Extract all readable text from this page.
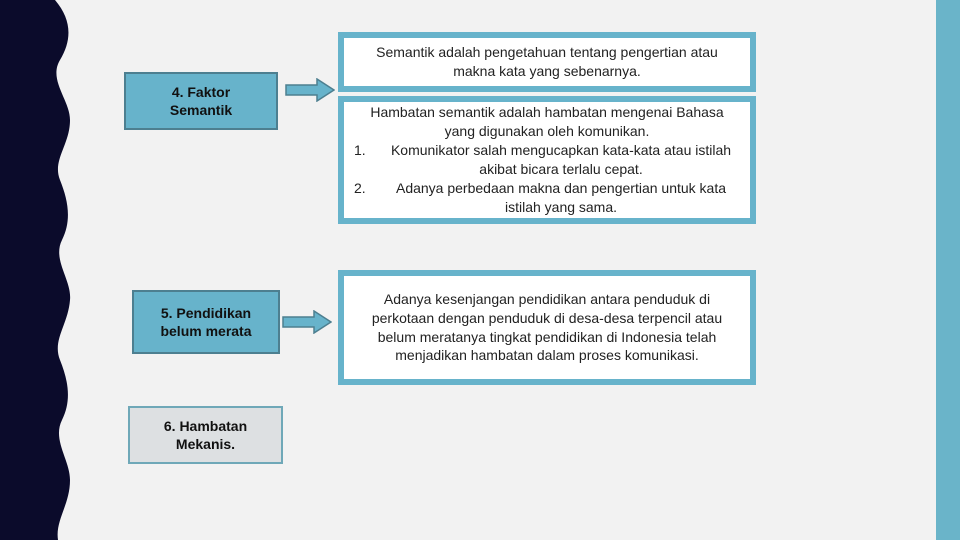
4. Faktor
Semantik
5. Pendidikan
belum merata
6. Hambatan
Mekanis.
Semantik adalah pengetahuan tentang pengertian atau makna kata yang sebenarnya.
Hambatan semantik adalah hambatan mengenai Bahasa yang digunakan oleh komunikan.
1.	Komunikator salah mengucapkan kata-kata atau istilah akibat bicara terlalu cepat.
2.	Adanya perbedaan makna dan pengertian untuk kata istilah yang sama.
Adanya kesenjangan pendidikan antara penduduk di perkotaan dengan penduduk di desa-desa terpencil atau belum meratanya tingkat pendidikan di Indonesia telah menjadikan hambatan dalam proses komunikasi.
